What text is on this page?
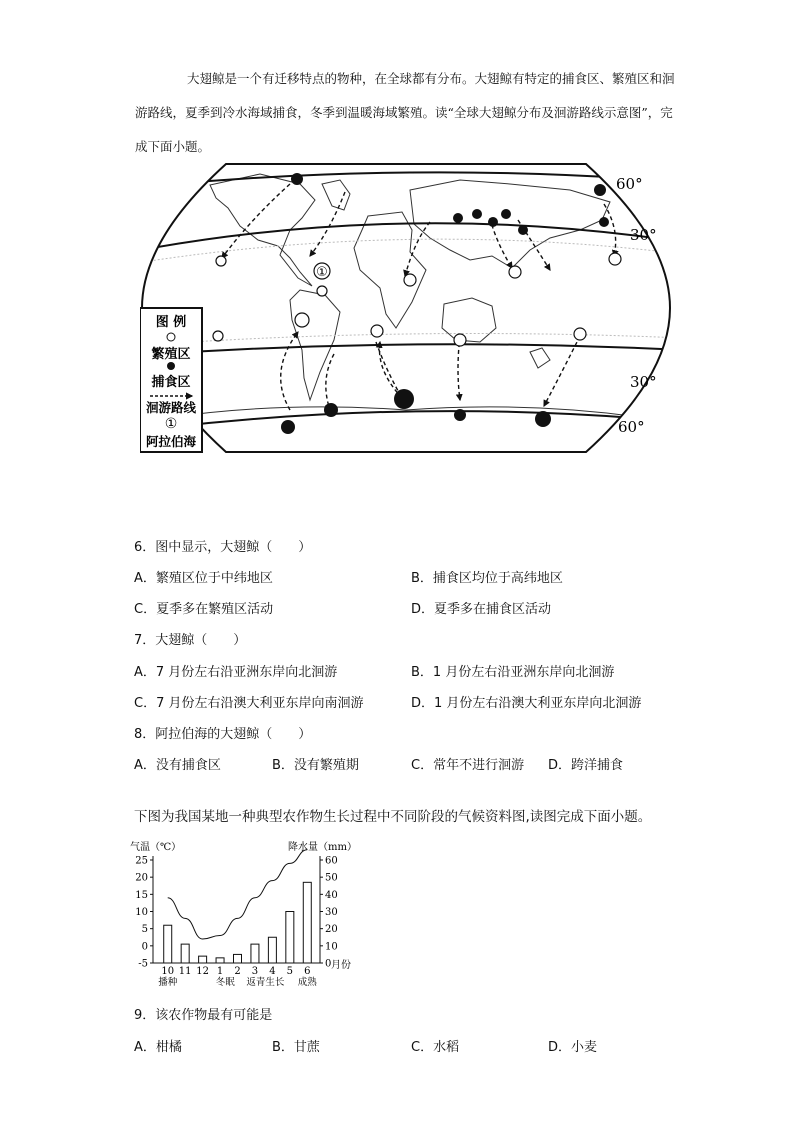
大翅鲸是一个有迁移特点的物种，在全球都有分布。大翅鲸有特定的捕食区、繁殖区和洄游路线，夏季到冷水海域捕食，冬季到温暖海域繁殖。读“全球大翅鲸分布及洄游路线示意图”，完成下面小题。
①
60°
30°
30°
60°
图 例
繁殖区
捕食区
洄游路线
①
阿拉伯海
6．图中显示，大翅鲸（　　）
A．繁殖区位于中纬地区	B．捕食区均位于高纬地区
C．夏季多在繁殖区活动	D．夏季多在捕食区活动
7．大翅鲸（　　）
A．7 月份左右沿亚洲东岸向北洄游	B．1 月份左右沿亚洲东岸向北洄游
C．7 月份左右沿澳大利亚东岸向南洄游	D．1 月份左右沿澳大利亚东岸向北洄游
8．阿拉伯海的大翅鲸（　　）
A．没有捕食区	B．没有繁殖期	C．常年不进行洄游 D．跨洋捕食
下图为我国某地一种典型农作物生长过程中不同阶段的气候资料图,读图完成下面小题。
气温（℃）	降水量（mm）
月份
25
20
15
10
5
0
-5
60
50
40
30
20
10
0
10 11 12 1 2 3 4 5 6
播种	冬眠 返青生长 成熟
9．该农作物最有可能是
A．柑橘	B．甘蔗	C．水稻	D．小麦
